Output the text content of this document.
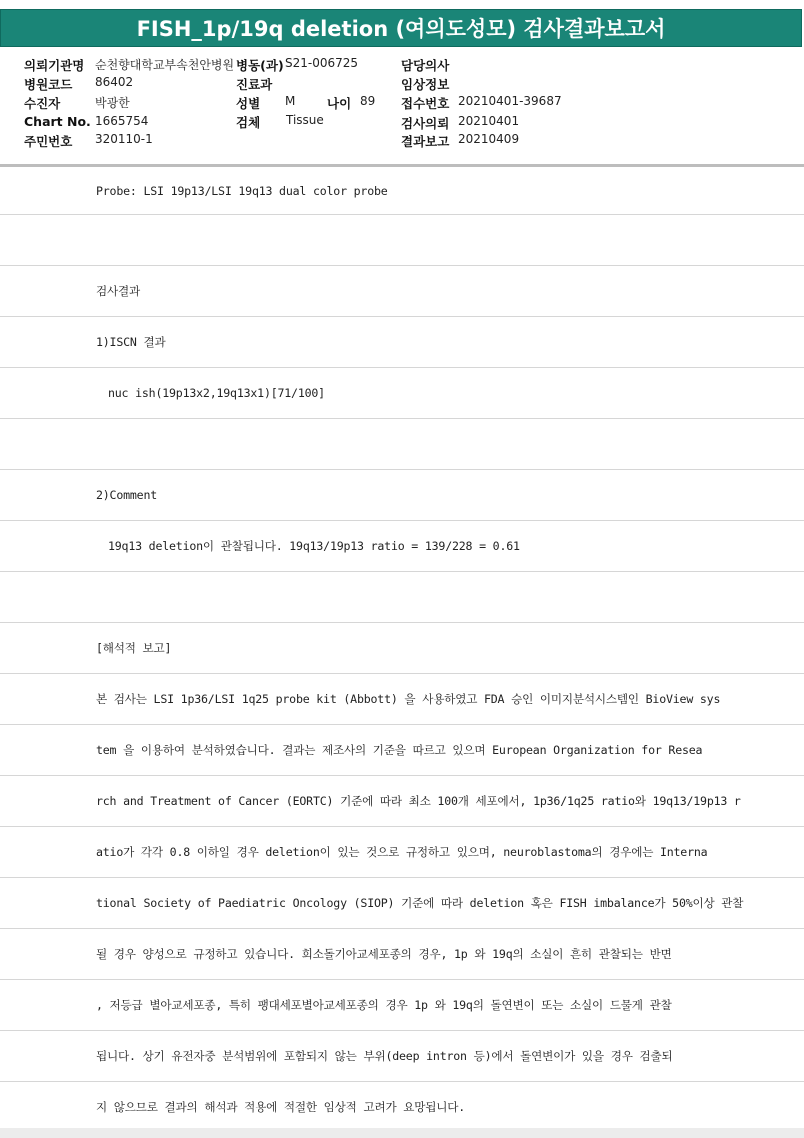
FISH_1p/19q deletion (여의도성모) 검사결과보고서
의뢰기관명 순천향대학교부속천안병원 병동(과) S21-006725	담당의사
병원코드 86402	진료과	임상정보
수진자	박광한	성별 M	나이 89 접수번호 20210401-39687
Chart No. 1665754	검체 Tissue	검사의뢰 20210401
주민번호 320110-1	결과보고 20210409
Probe: LSI 19p13/LSI 19q13 dual color probe
검사결과
1)ISCN 결과
nuc ish(19p13x2,19q13x1)[71/100]
2)Comment
19q13 deletion이 관찰됩니다. 19q13/19p13 ratio = 139/228 = 0.61
[해석적 보고]
본 검사는 LSI 1p36/LSI 1q25 probe kit (Abbott) 을 사용하였고 FDA 승인 이미지분석시스템인 BioView sys
tem 을 이용하여 분석하였습니다. 결과는 제조사의 기준을 따르고 있으며 European Organization for Resea
rch and Treatment of Cancer (EORTC) 기준에 따라 최소 100개 세포에서, 1p36/1q25 ratio와 19q13/19p13 r
atio가 각각 0.8 이하일 경우 deletion이 있는 것으로 규정하고 있으며, neuroblastoma의 경우에는 Interna
tional Society of Paediatric Oncology (SIOP) 기준에 따라 deletion 혹은 FISH imbalance가 50%이상 관찰
될 경우 양성으로 규정하고 있습니다. 희소돌기아교세포종의 경우, 1p 와 19q의 소실이 흔히 관찰되는 반면
, 저등급 별아교세포종, 특히 팽대세포별아교세포종의 경우 1p 와 19q의 돌연변이 또는 소실이 드물게 관찰
됩니다. 상기 유전자중 분석범위에 포함되지 않는 부위(deep intron 등)에서 돌연변이가 있을 경우 검출되
지 않으므로 결과의 해석과 적용에 적절한 임상적 고려가 요망됩니다.
